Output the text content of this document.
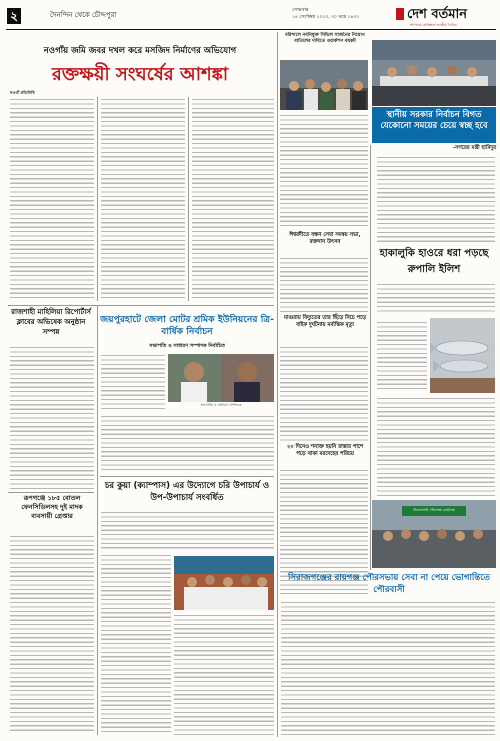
২	দৈনন্দিন থেকে চৌদ্দপুরা
সোমবার
১৪ সেপ্টেম্বর ২০২৩, ৩০ ভাদ্র ১৪৩০	দেশ বর্তমান
আপনার কাঙ্ক্ষিত জাতীয় দৈনিক
নওগাঁয় জমি জবর দখল করে মসজিদ নির্মাণের অভিযোগ
রক্তক্ষয়ী সংঘর্ষের আশঙ্কা
নওগাঁ প্রতিনিধি
বরিশালে নবনিযুক্ত সিভিল সার্জনের নিয়োগ বাতিলের দাবিতে ওয়ার্কশপ বয়কট
স্থানীয় সরকার নির্বাচন বিগত যেকোনো সময়ের চেয়ে স্বচ্ছ হবে
-নগরের মন্ত্রী হামিদুর
ঈশ্বরদীতে বন্ধন সেবা সমন্বয় সভা, রক্তদান উৎসব
মাগুরায় বিদ্যুতের তার ছিঁড়ে নিচে পড়ে বাইক দুর্ঘটনায় মর্মান্তিক মৃত্যু
হাকালুকি হাওরে ধরা পড়ছে রুপালি ইলিশ
রাজশাহী মাহিলিয়া রিপোর্টার্স ক্লাবের অভিষেক অনুষ্ঠান সম্পন্ন
জয়পুরহাটে জেলা মোটর শ্রমিক ইউনিয়নের ত্রি-বার্ষিক নির্বাচন
সভাপতি ও সাধারণ সম্পাদক নির্বাচিত
সভাপতি ও সাধারণ সম্পাদক
২০ দিনেও শনাক্ত হয়নি রাস্তার পাশে পড়ে থাকা মরদেহের পরিচয়
রূপগঞ্জে ১৮৫ বোতল ফেনসিডিলসহ দুই মাদক ব্যবসায়ী গ্রেপ্তার
চর কুয়া (ক্যাম্পাস) এর উদ্যোগে চরি উপাচার্য ও উপ-উপাচার্য সংবর্ধিত
সিরাজগঞ্জ পৌরসভা কার্যালয়
সিরাজগঞ্জের রায়গঞ্জ পৌরসভায় সেবা না পেয়ে ভোগান্তিতে পৌরবাসী
